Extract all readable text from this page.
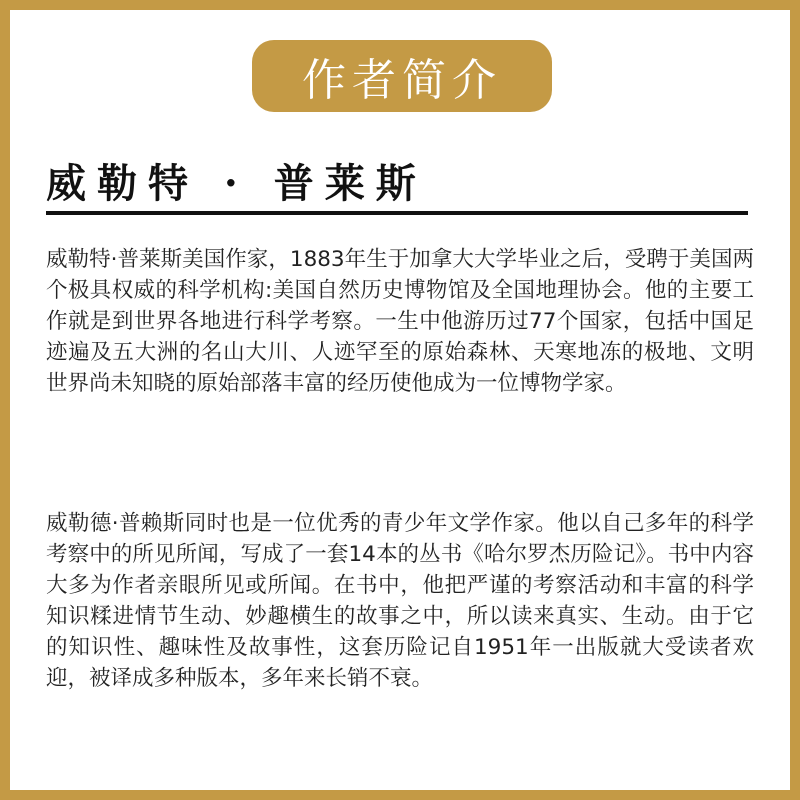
作者简介
威勒特 · 普莱斯

威勒特·普莱斯美国作家，1883年生于加拿大大学毕业之后，受聘于美国两个极具权威的科学机构:美国自然历史博物馆及全国地理协会。他的主要工作就是到世界各地进行科学考察。一生中他游历过77个国家，包括中国足迹遍及五大洲的名山大川、人迹罕至的原始森林、天寒地冻的极地、文明世界尚未知晓的原始部落丰富的经历使他成为一位博物学家。

威勒德·普赖斯同时也是一位优秀的青少年文学作家。他以自己多年的科学考察中的所见所闻，写成了一套14本的丛书《哈尔罗杰历险记》。书中内容大多为作者亲眼所见或所闻。在书中，他把严谨的考察活动和丰富的科学知识糅进情节生动、妙趣横生的故事之中，所以读来真实、生动。由于它的知识性、趣味性及故事性，这套历险记自1951年一出版就大受读者欢迎，被译成多种版本，多年来长销不衰。
